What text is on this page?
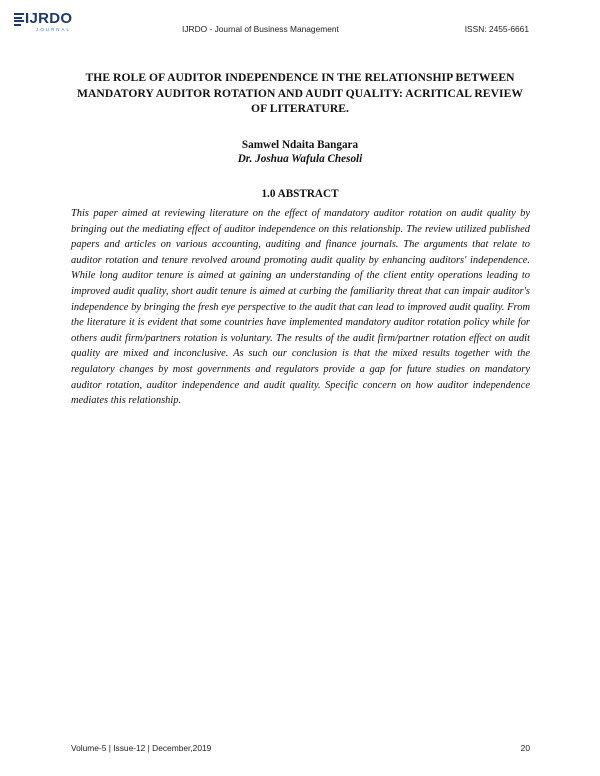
IJRDO
JOURNAL	IJRDO - Journal of Business Management	ISSN: 2455-6661
THE ROLE OF AUDITOR INDEPENDENCE IN THE RELATIONSHIP BETWEEN MANDATORY AUDITOR ROTATION AND AUDIT QUALITY: ACRITICAL REVIEW OF LITERATURE.
Samwel Ndaita Bangara
Dr. Joshua Wafula Chesoli
1.0 ABSTRACT
This paper aimed at reviewing literature on the effect of mandatory auditor rotation on audit quality by bringing out the mediating effect of auditor independence on this relationship. The review utilized published papers and articles on various accounting, auditing and finance journals. The arguments that relate to auditor rotation and tenure revolved around promoting audit quality by enhancing auditors' independence. While long auditor tenure is aimed at gaining an understanding of the client entity operations leading to improved audit quality, short audit tenure is aimed at curbing the familiarity threat that can impair auditor's independence by bringing the fresh eye perspective to the audit that can lead to improved audit quality. From the literature it is evident that some countries have implemented mandatory auditor rotation policy while for others audit firm/partners rotation is voluntary. The results of the audit firm/partner rotation effect on audit quality are mixed and inconclusive. As such our conclusion is that the mixed results together with the regulatory changes by most governments and regulators provide a gap for future studies on mandatory auditor rotation, auditor independence and audit quality. Specific concern on how auditor independence mediates this relationship.
Volume-5 | Issue-12 | December,2019	20
